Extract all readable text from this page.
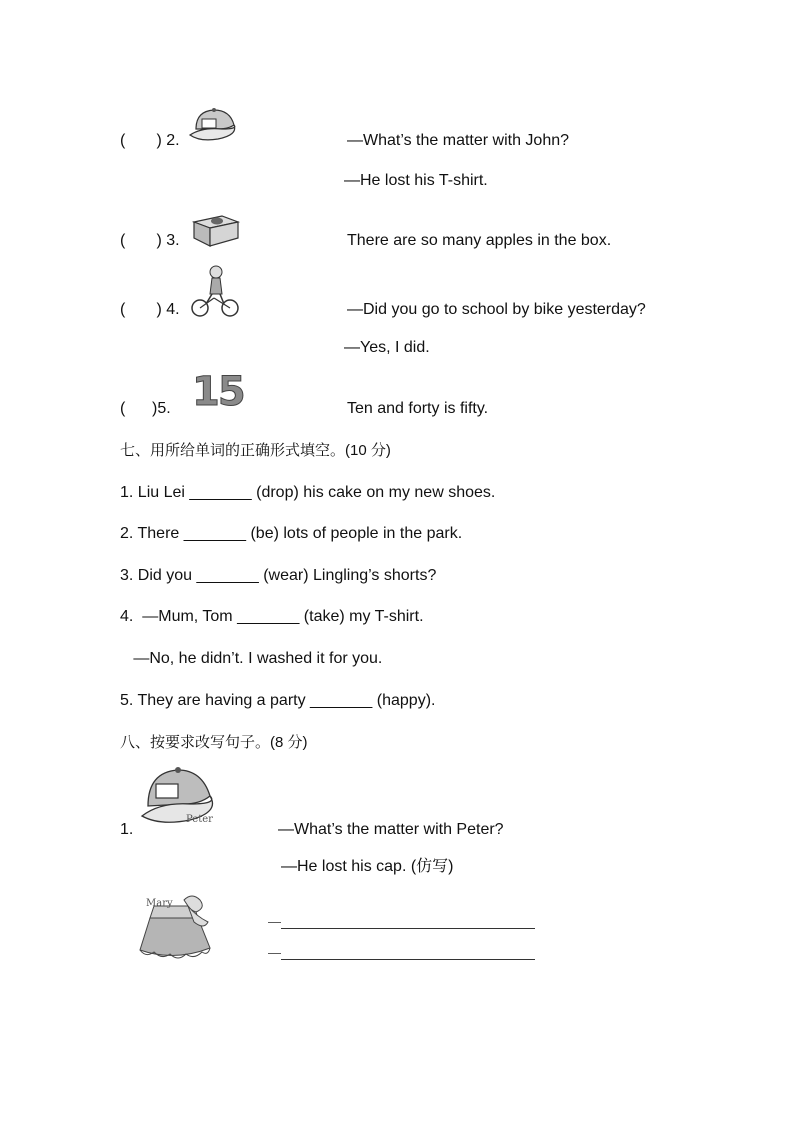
(       ) 2.	—What’s the matter with John?
—He lost his T-shirt.
(       ) 3.	There are so many apples in the box.
(       ) 4.	—Did you go to school by bike yesterday?
—Yes, I did.
(      )5. 15	Ten and forty is fifty.
七、用所给单词的正确形式填空。(10 分)
1. Liu Lei _______ (drop) his cake on my new shoes.
2. There _______ (be) lots of people in the park.
3. Did you _______ (wear) Lingling’s shorts?
4.  —Mum, Tom _______ (take) my T-shirt.
—No, he didn’t. I washed it for you.
5. They are having a party _______ (happy).
八、按要求改写句子。(8 分)
Peter
1.	—What’s the matter with Peter?
—He lost his cap. (仿写)
Mary
—
—
